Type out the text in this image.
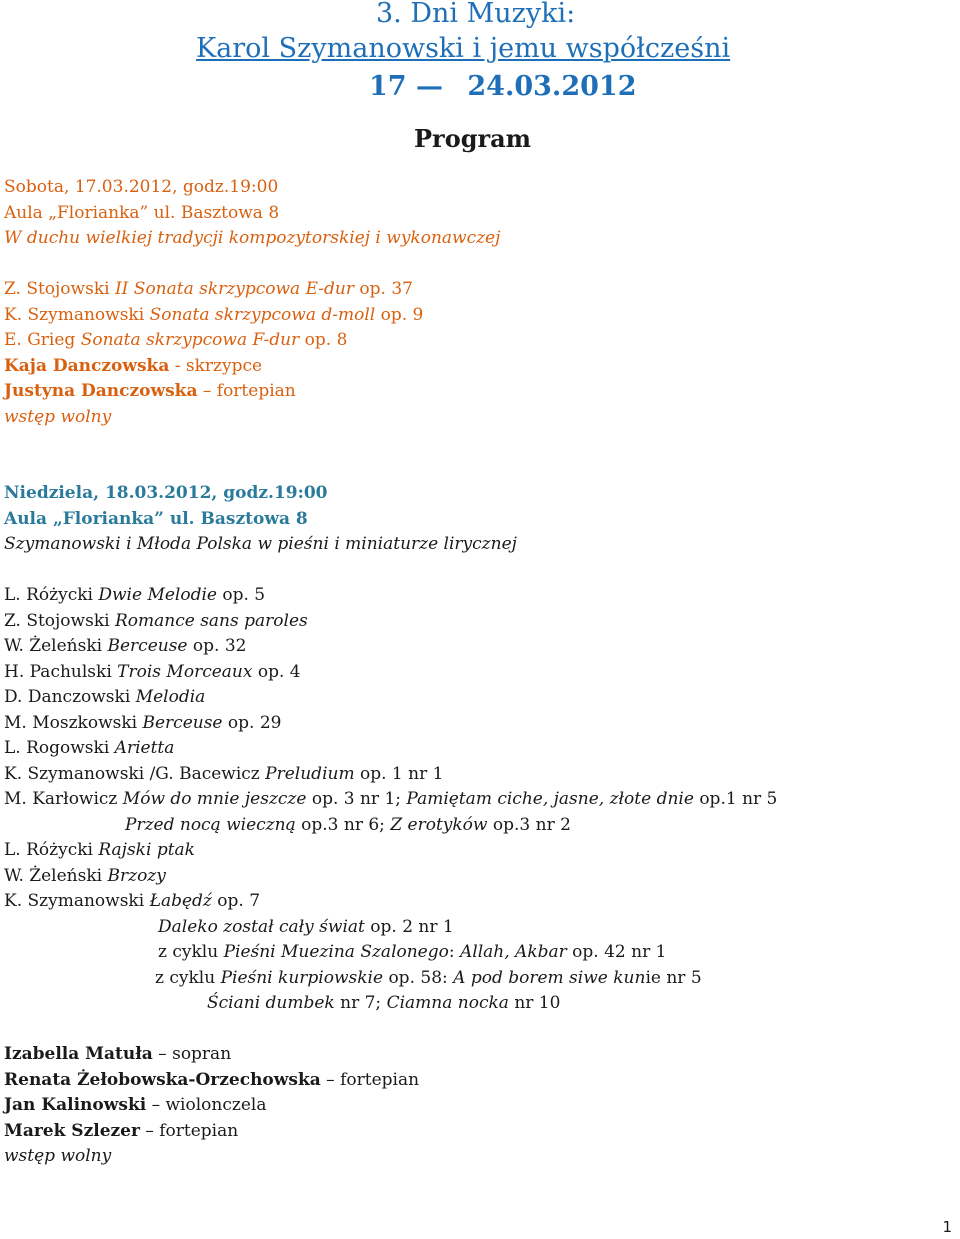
3. Dni Muzyki:
Karol Szymanowski i jemu współcześni
17 — 24.03.2012
Program
Sobota, 17.03.2012, godz.19:00
Aula „Florianka” ul. Basztowa 8
W duchu wielkiej tradycji kompozytorskiej i wykonawczej
Z. Stojowski II Sonata skrzypcowa E-dur op. 37
K. Szymanowski Sonata skrzypcowa d-moll op. 9
E. Grieg Sonata skrzypcowa F-dur op. 8
Kaja Danczowska - skrzypce
Justyna Danczowska – fortepian
wstęp wolny
Niedziela, 18.03.2012, godz.19:00
Aula „Florianka” ul. Basztowa 8
Szymanowski i Młoda Polska w pieśni i miniaturze lirycznej
L. Różycki Dwie Melodie op. 5
Z. Stojowski Romance sans paroles
W. Żeleński Berceuse op. 32
H. Pachulski Trois Morceaux op. 4
D. Danczowski Melodia
M. Moszkowski Berceuse op. 29
L. Rogowski Arietta
K. Szymanowski /G. Bacewicz Preludium op. 1 nr 1
M. Karłowicz Mów do mnie jeszcze op. 3 nr 1; Pamiętam ciche, jasne, złote dnie op.1 nr 5
Przed nocą wieczną op.3 nr 6; Z erotyków op.3 nr 2
L. Różycki Rajski ptak
W. Żeleński Brzozy
K. Szymanowski Łabędź op. 7
Daleko został cały świat op. 2 nr 1
z cyklu Pieśni Muezina Szalonego: Allah, Akbar op. 42 nr 1
z cyklu Pieśni kurpiowskie op. 58: A pod borem siwe kunie nr 5
Ściani dumbek nr 7; Ciamna nocka nr 10
Izabella Matuła – sopran
Renata Żełobowska-Orzechowska – fortepian
Jan Kalinowski – wiolonczela
Marek Szlezer – fortepian
wstęp wolny
1
